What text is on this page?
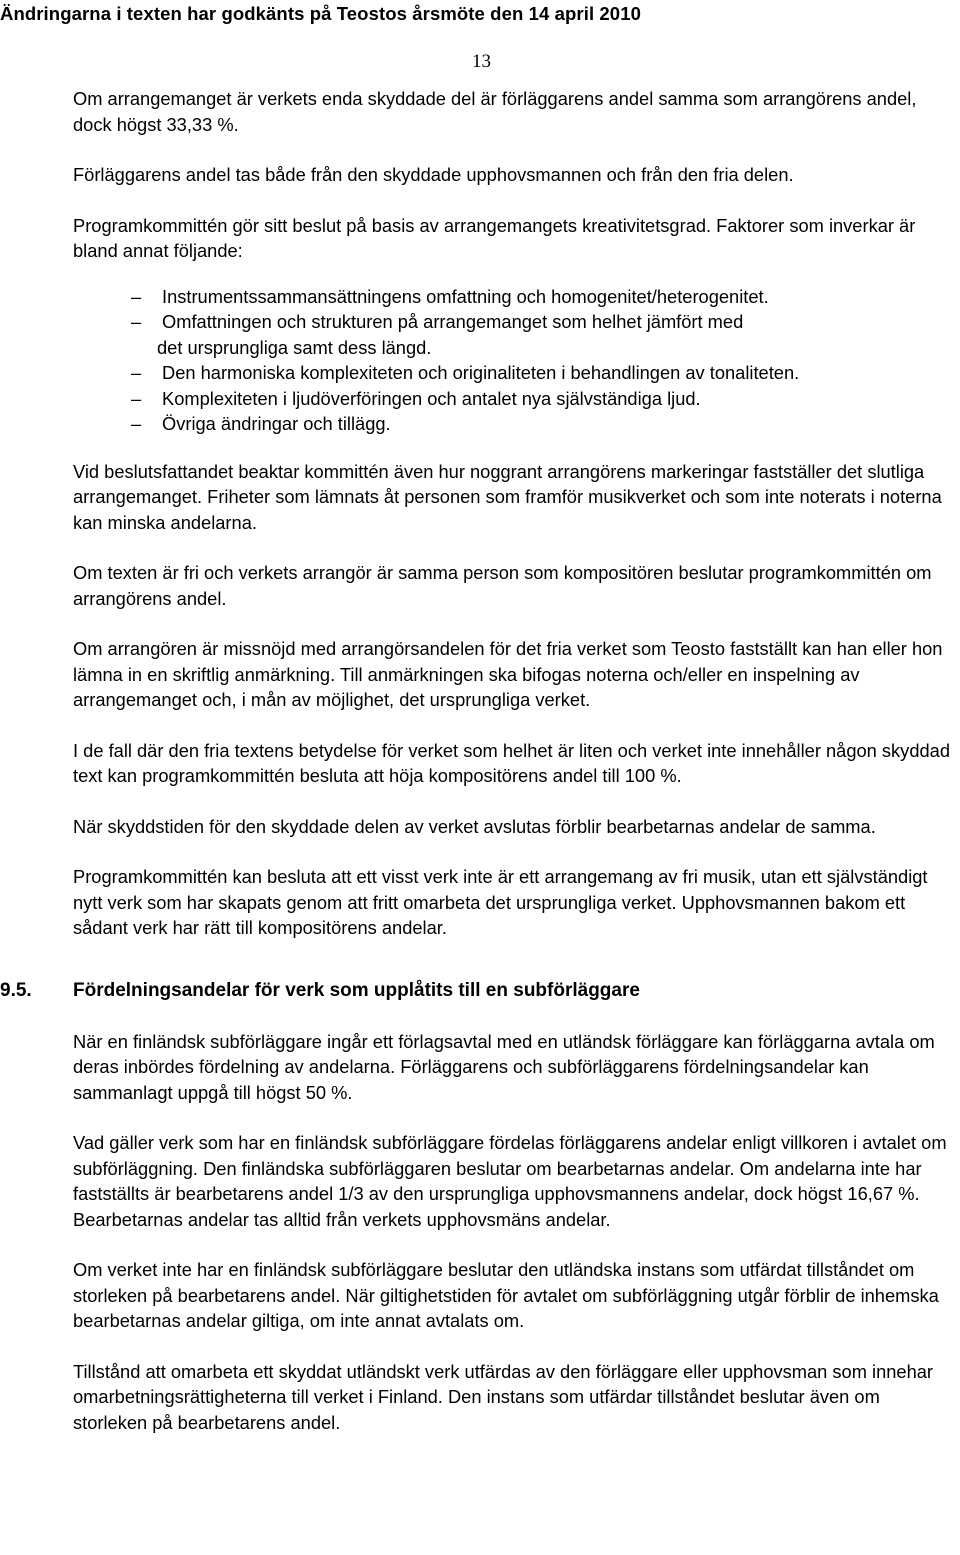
Ändringarna i texten har godkänts på Teostos årsmöte den 14 april 2010
13

Om arrangemanget är verkets enda skyddade del är förläggarens andel samma som arrangörens andel, dock högst 33,33 %.

Förläggarens andel tas både från den skyddade upphovsmannen och från den fria delen.

Programkommittén gör sitt beslut på basis av arrangemangets kreativitetsgrad. Faktorer som inverkar är bland annat följande:

– Instrumentssammansättningens omfattning och homogenitet/heterogenitet.
– Omfattningen och strukturen på arrangemanget som helhet jämfört med
det ursprungliga samt dess längd.
– Den harmoniska komplexiteten och originaliteten i behandlingen av tonaliteten.
– Komplexiteten i ljudöverföringen och antalet nya självständiga ljud.
– Övriga ändringar och tillägg.

Vid beslutsfattandet beaktar kommittén även hur noggrant arrangörens markeringar fastställer det slutliga arrangemanget. Friheter som lämnats åt personen som framför musikverket och som inte noterats i noterna kan minska andelarna.

Om texten är fri och verkets arrangör är samma person som kompositören beslutar programkommittén om arrangörens andel.

Om arrangören är missnöjd med arrangörsandelen för det fria verket som Teosto fastställt kan han eller hon lämna in en skriftlig anmärkning. Till anmärkningen ska bifogas noterna och/eller en inspelning av arrangemanget och, i mån av möjlighet, det ursprungliga verket.

I de fall där den fria textens betydelse för verket som helhet är liten och verket inte innehåller någon skyddad text kan programkommittén besluta att höja kompositörens andel till 100 %.

När skyddstiden för den skyddade delen av verket avslutas förblir bearbetarnas andelar de samma.

Programkommittén kan besluta att ett visst verk inte är ett arrangemang av fri musik, utan ett självständigt nytt verk som har skapats genom att fritt omarbeta det ursprungliga verket. Upphovsmannen bakom ett sådant verk har rätt till kompositörens andelar.

9.5. Fördelningsandelar för verk som upplåtits till en subförläggare

När en finländsk subförläggare ingår ett förlagsavtal med en utländsk förläggare kan förläggarna avtala om deras inbördes fördelning av andelarna. Förläggarens och subförläggarens fördelningsandelar kan sammanlagt uppgå till högst 50 %.

Vad gäller verk som har en finländsk subförläggare fördelas förläggarens andelar enligt villkoren i avtalet om subförläggning. Den finländska subförläggaren beslutar om bearbetarnas andelar. Om andelarna inte har fastställts är bearbetarens andel 1/3 av den ursprungliga upphovsmannens andelar, dock högst 16,67 %. Bearbetarnas andelar tas alltid från verkets upphovsmäns andelar.

Om verket inte har en finländsk subförläggare beslutar den utländska instans som utfärdat tillståndet om storleken på bearbetarens andel. När giltighetstiden för avtalet om subförläggning utgår förblir de inhemska bearbetarnas andelar giltiga, om inte annat avtalats om.

Tillstånd att omarbeta ett skyddat utländskt verk utfärdas av den förläggare eller upphovsman som innehar omarbetningsrättigheterna till verket i Finland. Den instans som utfärdar tillståndet beslutar även om storleken på bearbetarens andel.
